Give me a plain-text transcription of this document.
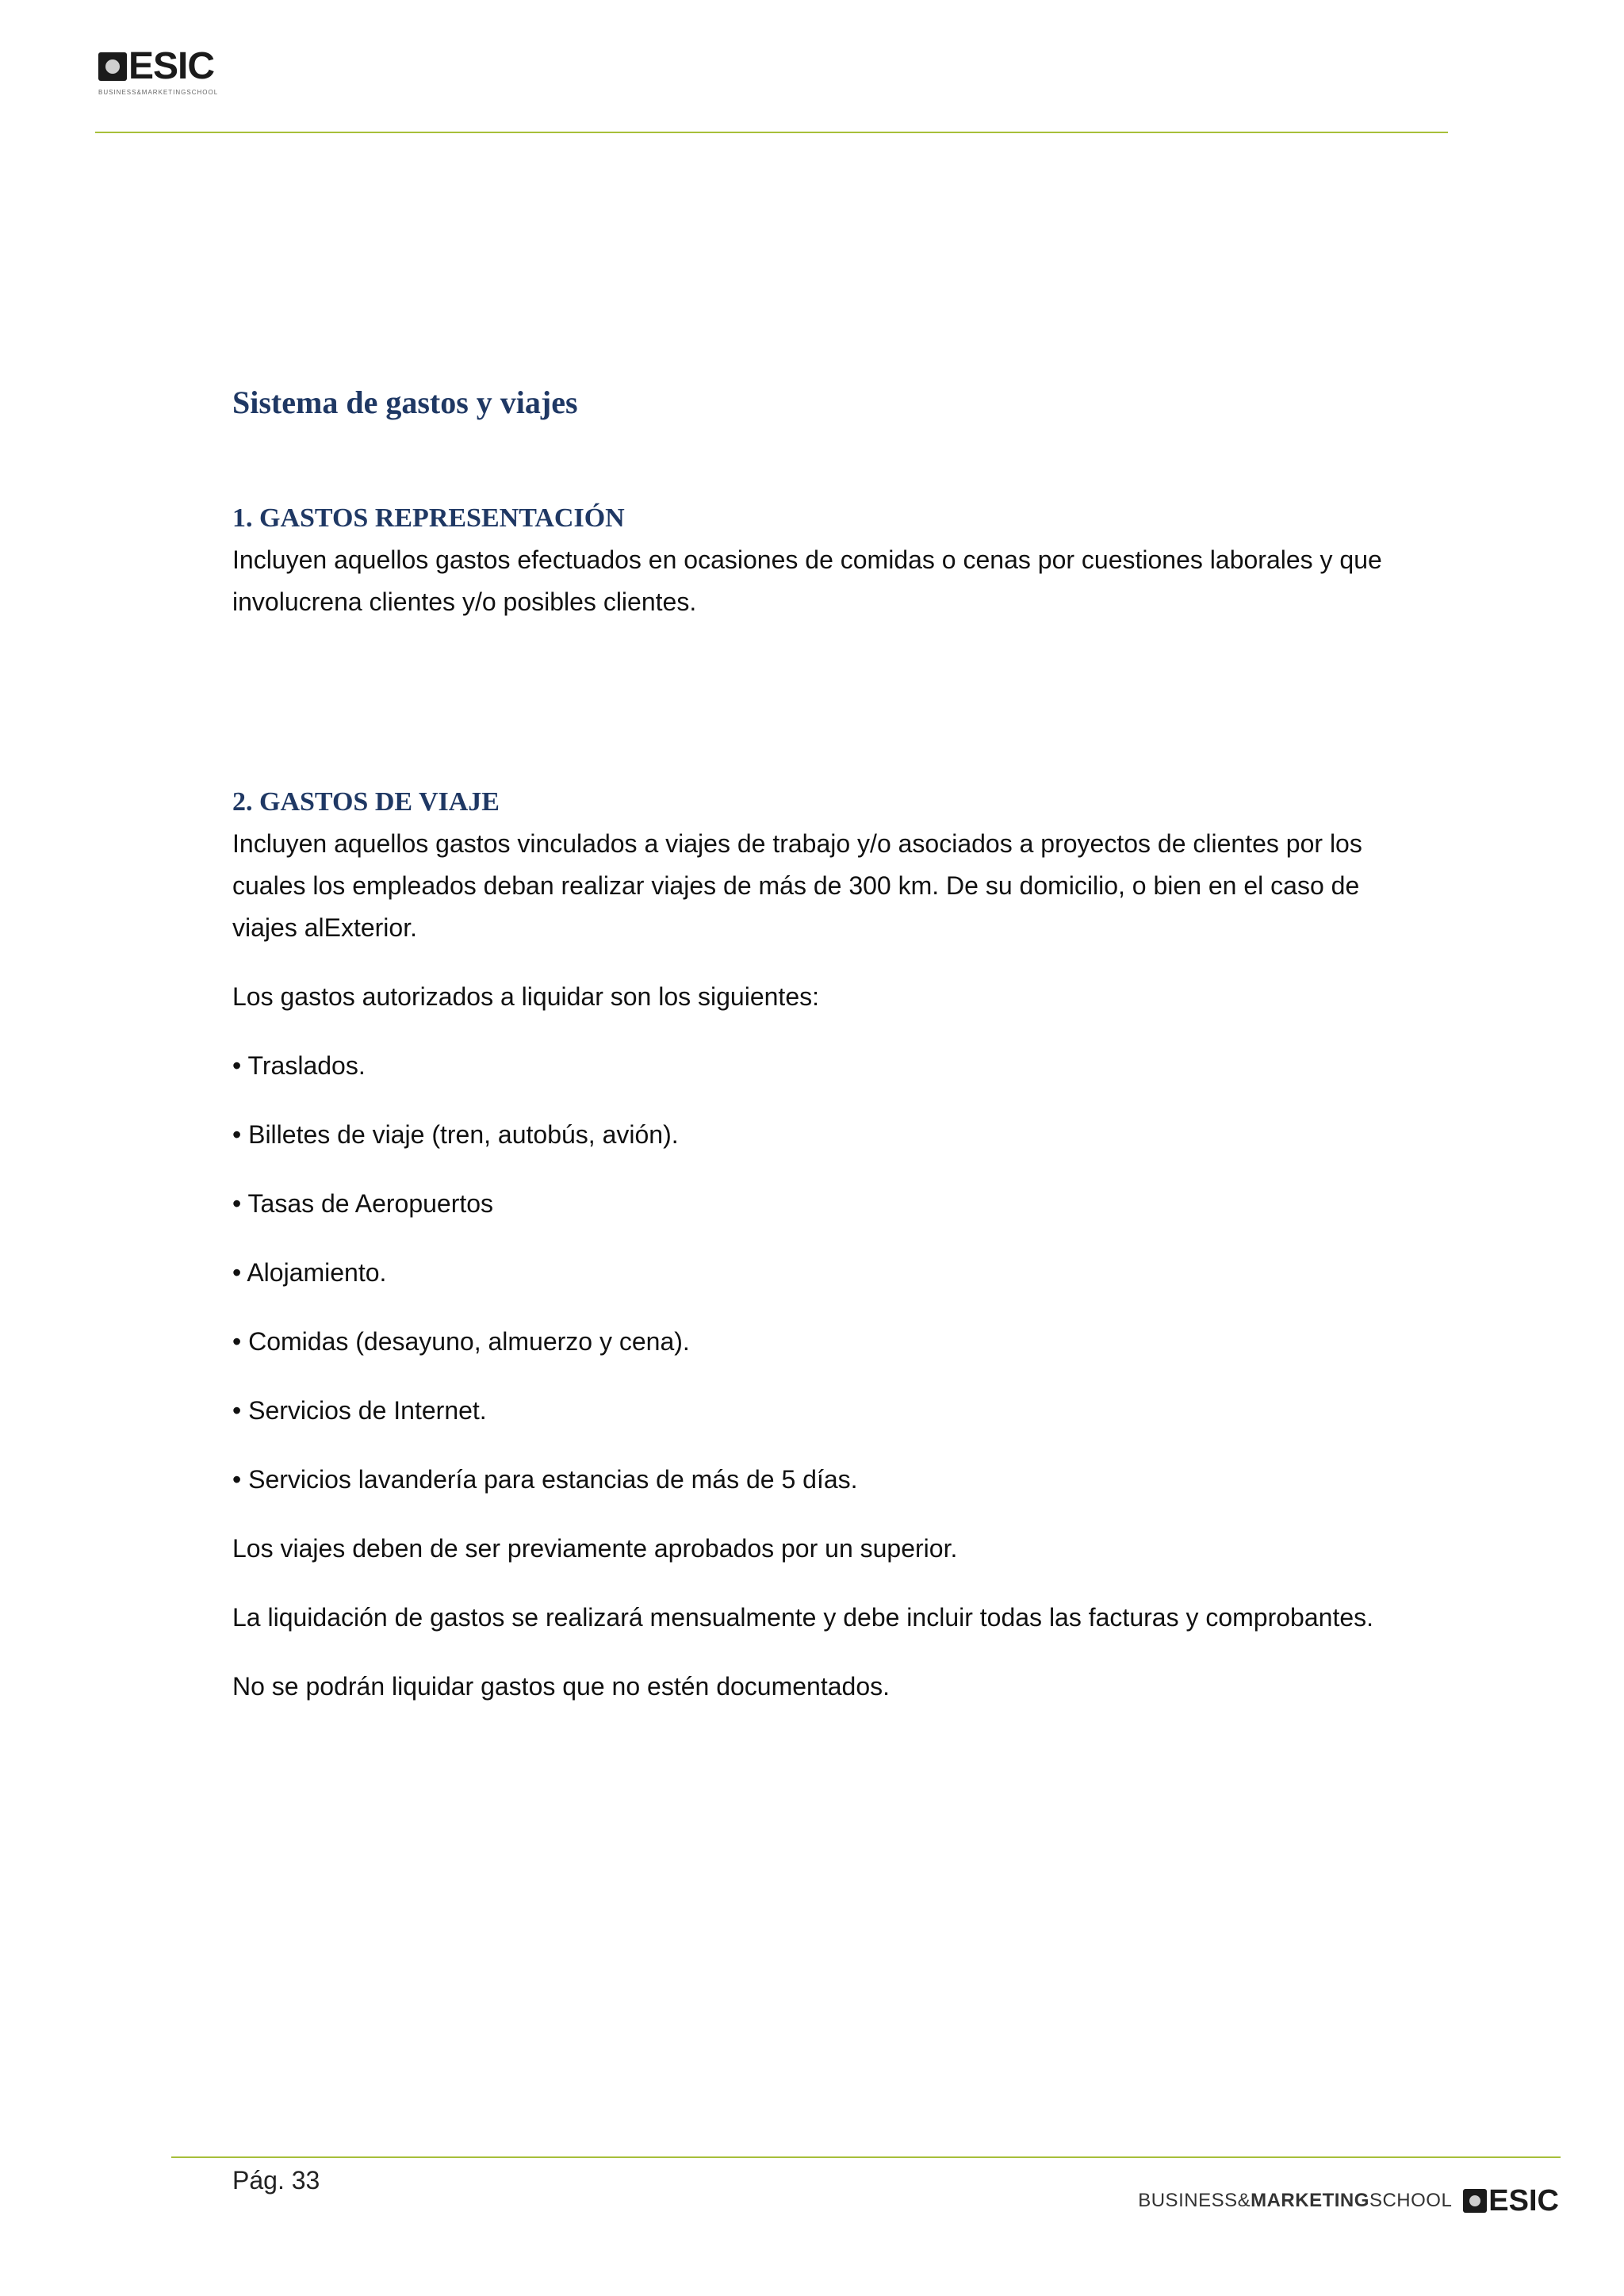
ESIC
BUSINESS&MARKETINGSCHOOL
Sistema de gastos y viajes
1. GASTOS REPRESENTACIÓN

Incluyen aquellos gastos efectuados en ocasiones de comidas o cenas por cuestiones laborales y que involucrena clientes y/o posibles clientes.

2. GASTOS DE VIAJE

Incluyen aquellos gastos vinculados a viajes de trabajo y/o asociados a proyectos de clientes por los cuales los empleados deban realizar viajes de más de 300 km. De su domicilio, o bien en el caso de viajes alExterior.

Los gastos autorizados a liquidar son los siguientes:

• Traslados.

• Billetes de viaje (tren, autobús, avión).

• Tasas de Aeropuertos

• Alojamiento.

• Comidas (desayuno, almuerzo y cena).

• Servicios de Internet.

• Servicios lavandería para estancias de más de 5 días.

Los viajes deben de ser previamente aprobados por un superior.

La liquidación de gastos se realizará mensualmente y debe incluir todas las facturas y comprobantes.

No se podrán liquidar gastos que no estén documentados.

Pág. 33
BUSINESS&MARKETINGSCHOOL ESIC
